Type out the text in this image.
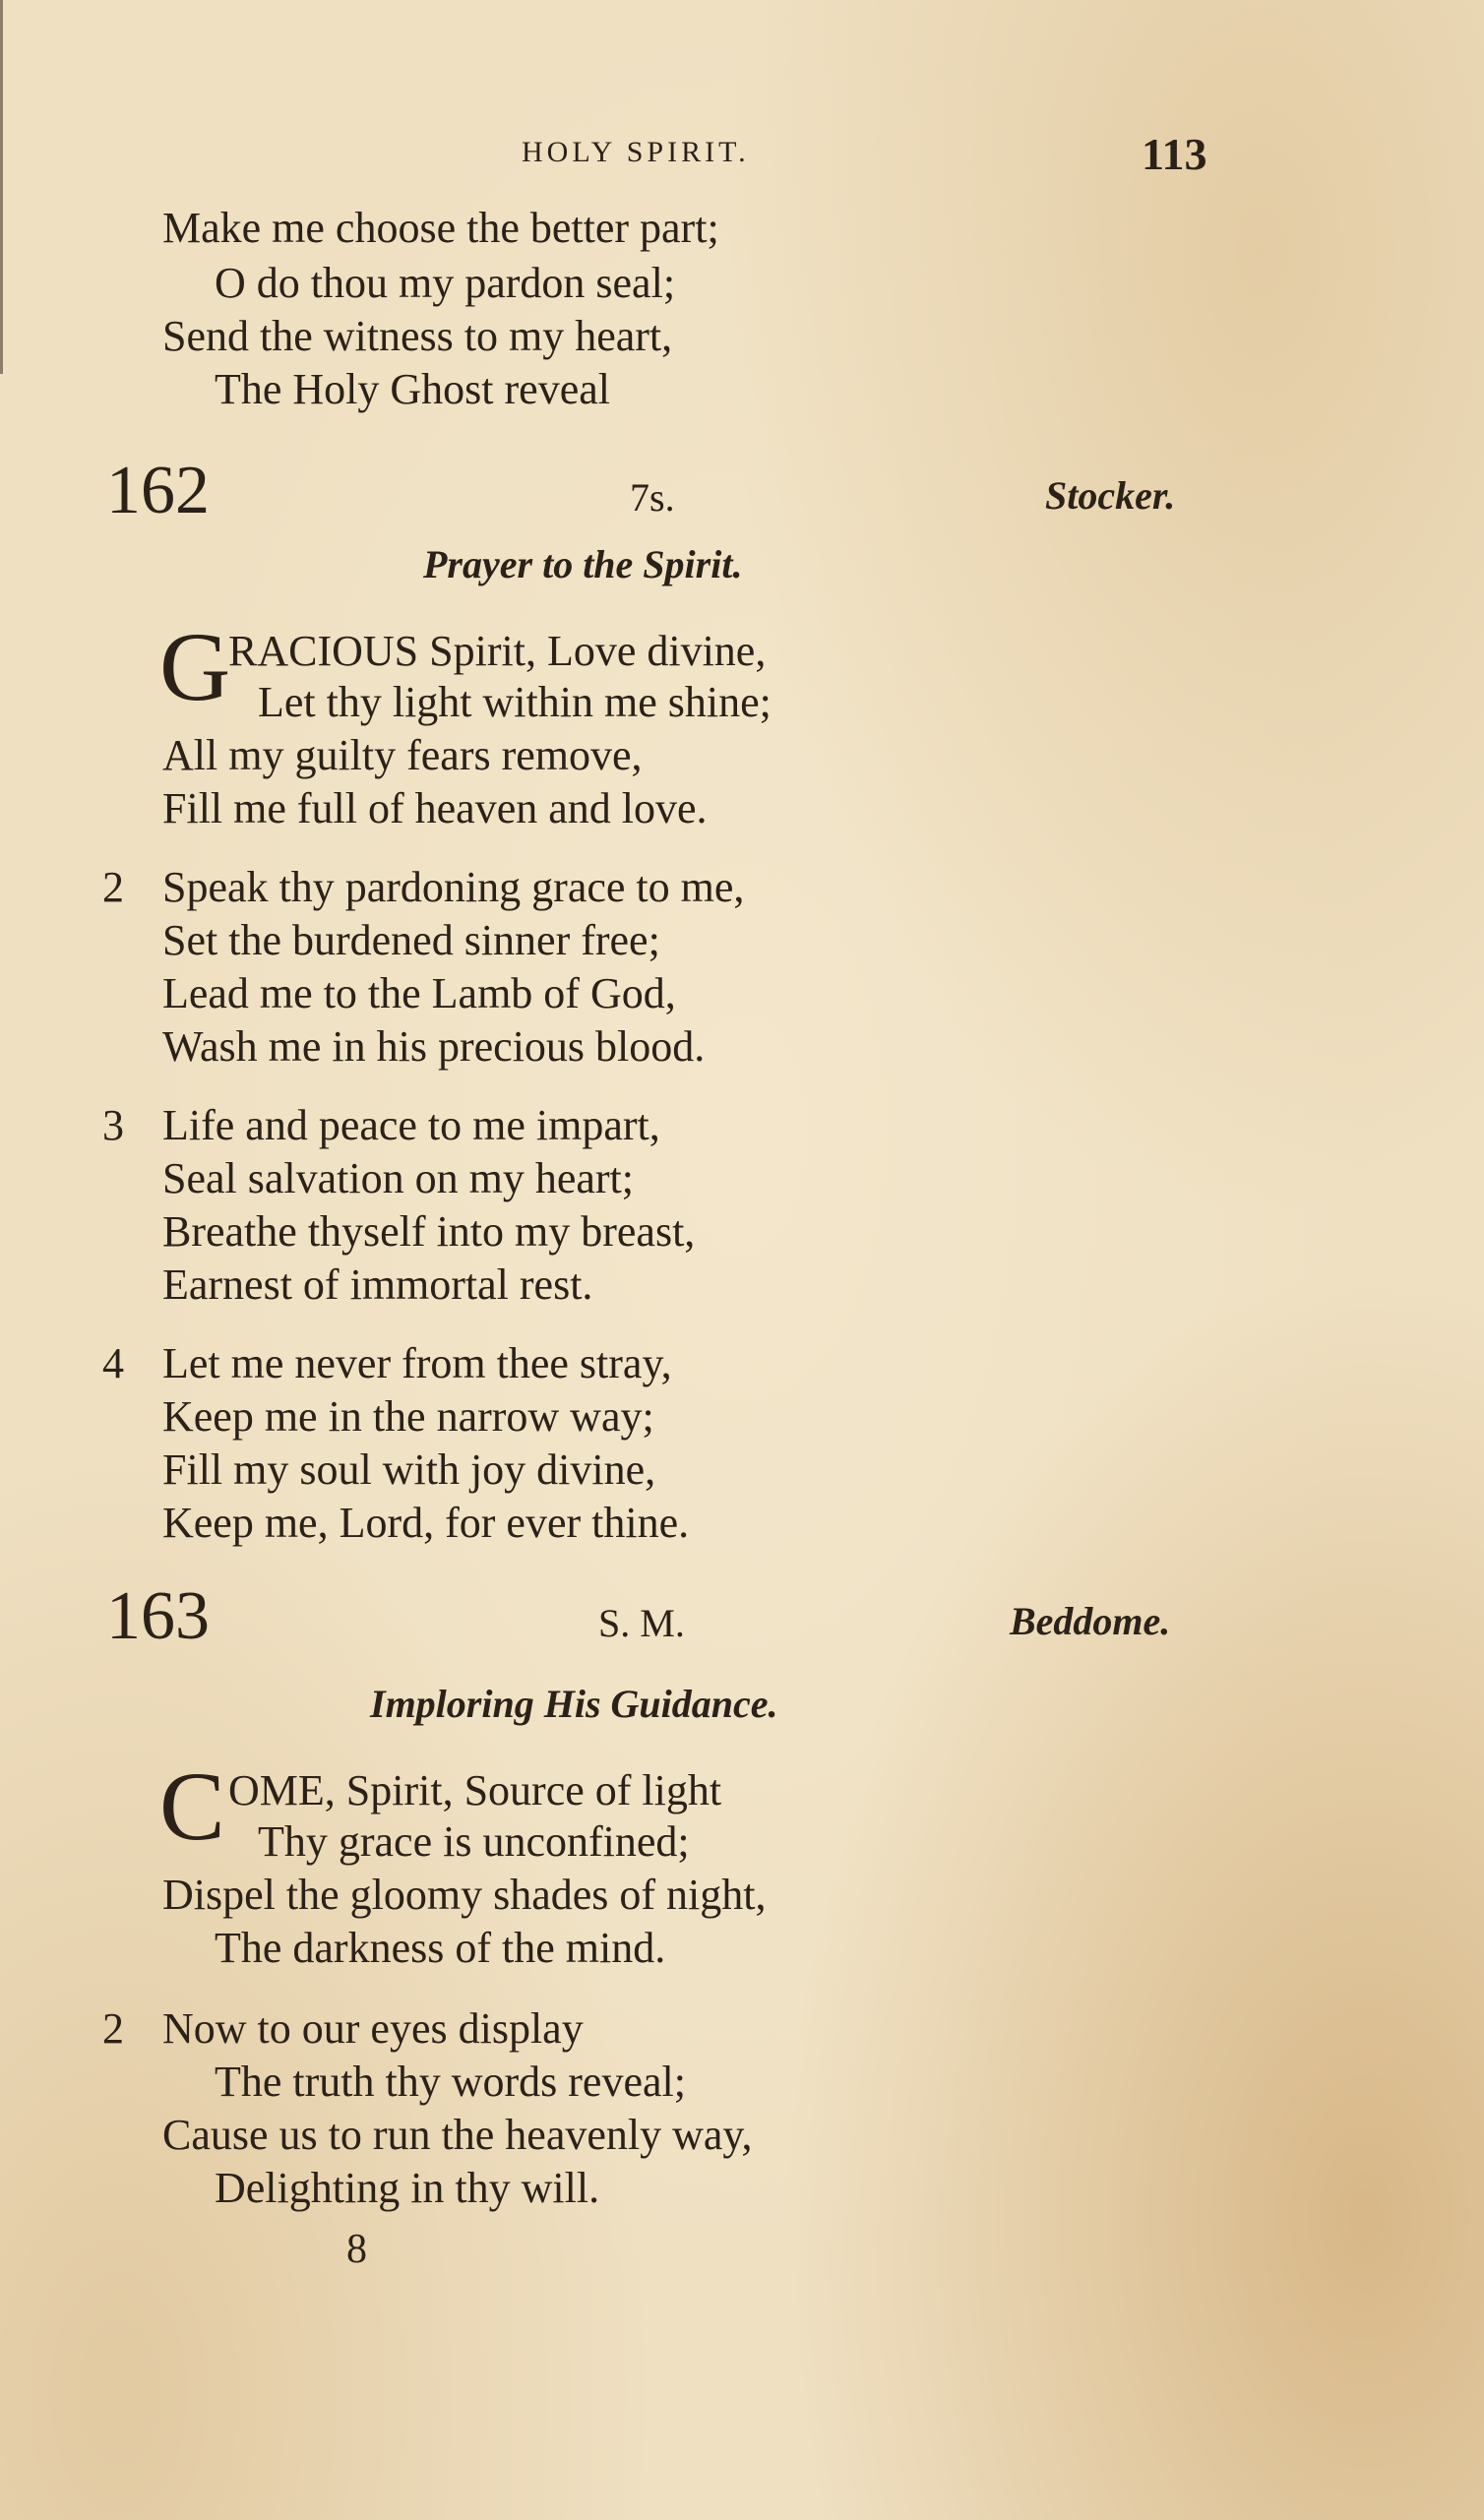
HOLY SPIRIT.	113
Make me choose the better part;
O do thou my pardon seal;
Send the witness to my heart,
The Holy Ghost reveal
162	7s.	Stocker.
Prayer to the Spirit.
G
RACIOUS Spirit, Love divine,
Let thy light within me shine;
All my guilty fears remove,
Fill me full of heaven and love.
2 Speak thy pardoning grace to me,
Set the burdened sinner free;
Lead me to the Lamb of God,
Wash me in his precious blood.
3 Life and peace to me impart,
Seal salvation on my heart;
Breathe thyself into my breast,
Earnest of immortal rest.
4 Let me never from thee stray,
Keep me in the narrow way;
Fill my soul with joy divine,
Keep me, Lord, for ever thine.
163	S. M.	Beddome.
Imploring His Guidance.
C OME, Spirit, Source of light
Thy grace is unconfined;
Dispel the gloomy shades of night,
The darkness of the mind.
2 Now to our eyes display
The truth thy words reveal;
Cause us to run the heavenly way,
Delighting in thy will.
8
